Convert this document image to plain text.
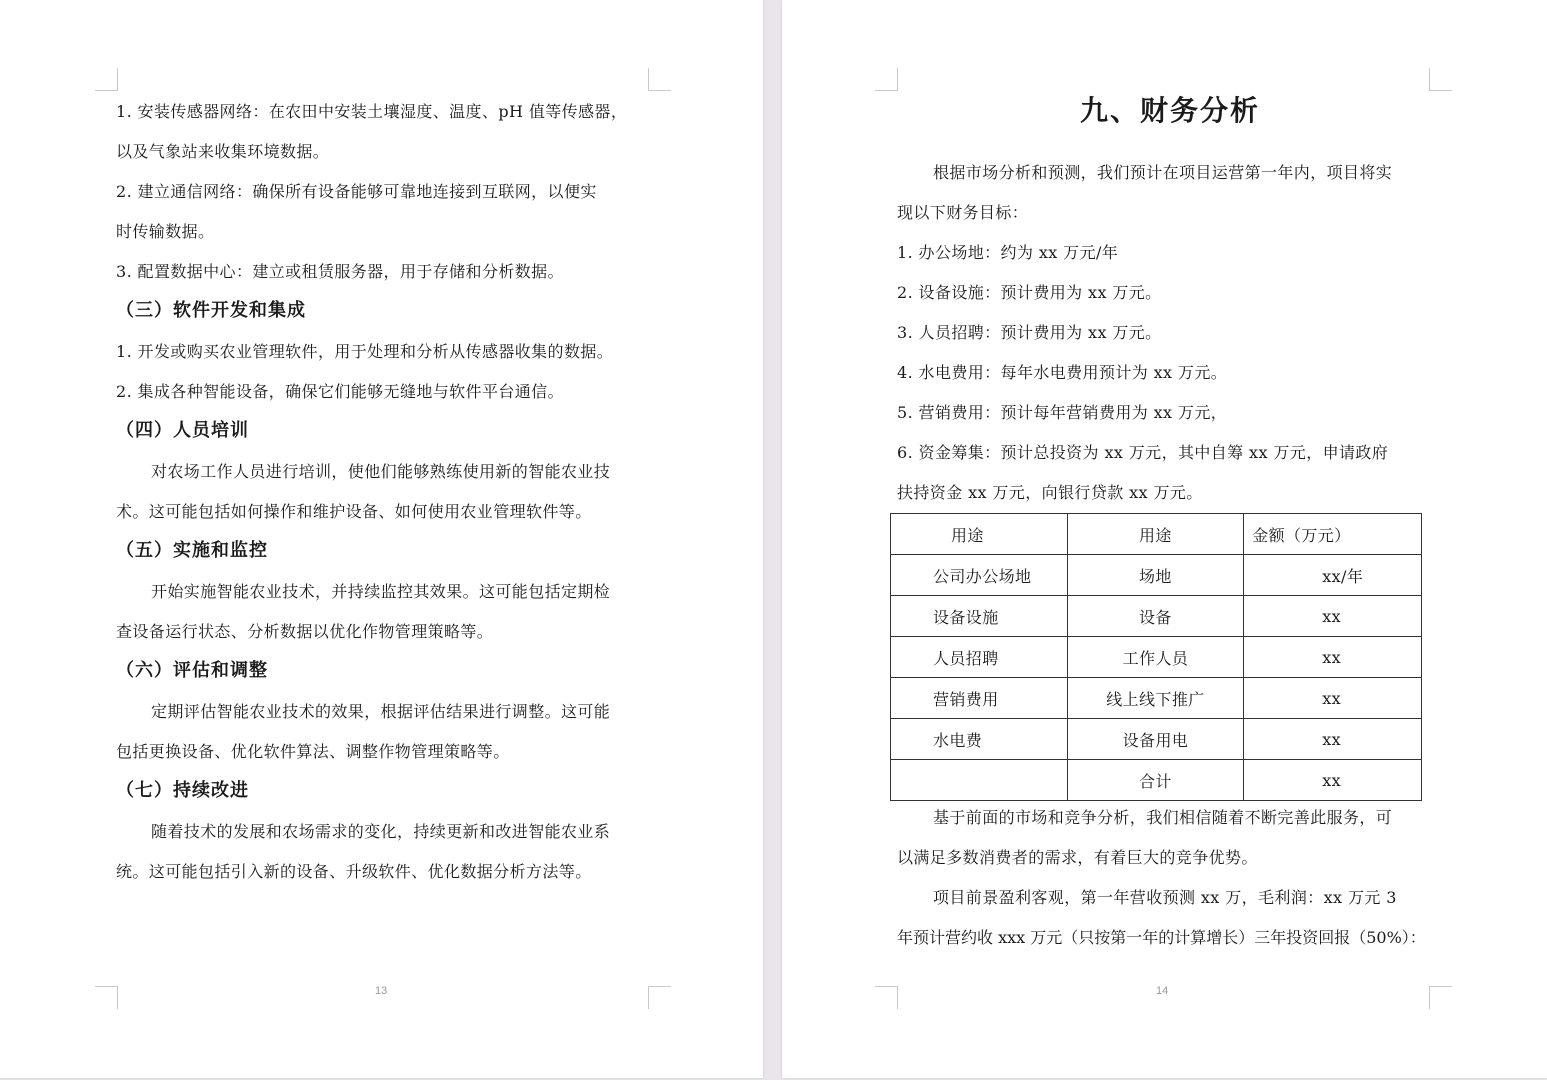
1. 安装传感器网络：在农田中安装土壤湿度、温度、pH 值等传感器，
以及气象站来收集环境数据。
2. 建立通信网络：确保所有设备能够可靠地连接到互联网，以便实
时传输数据。
3. 配置数据中心：建立或租赁服务器，用于存储和分析数据。
（三）软件开发和集成
1. 开发或购买农业管理软件，用于处理和分析从传感器收集的数据。
2. 集成各种智能设备，确保它们能够无缝地与软件平台通信。
（四）人员培训
对农场工作人员进行培训，使他们能够熟练使用新的智能农业技
术。这可能包括如何操作和维护设备、如何使用农业管理软件等。
（五）实施和监控
开始实施智能农业技术，并持续监控其效果。这可能包括定期检
查设备运行状态、分析数据以优化作物管理策略等。
（六）评估和调整
定期评估智能农业技术的效果，根据评估结果进行调整。这可能
包括更换设备、优化软件算法、调整作物管理策略等。
（七）持续改进
随着技术的发展和农场需求的变化，持续更新和改进智能农业系
统。这可能包括引入新的设备、升级软件、优化数据分析方法等。
13
九、财务分析
根据市场分析和预测，我们预计在项目运营第一年内，项目将实
现以下财务目标：
1. 办公场地：约为 xx 万元/年
2. 设备设施：预计费用为 xx 万元。
3. 人员招聘：预计费用为 xx 万元。
4. 水电费用：每年水电费用预计为 xx 万元。
5. 营销费用：预计每年营销费用为 xx 万元，
6. 资金筹集：预计总投资为 xx 万元，其中自筹 xx 万元，申请政府
扶持资金 xx 万元，向银行贷款 xx 万元。
用途	用途	金额（万元）
公司办公场地	场地	xx/年
设备设施	设备	xx
人员招聘	工作人员	xx
营销费用	线上线下推广	xx
水电费	设备用电	xx
	合计	xx
基于前面的市场和竞争分析，我们相信随着不断完善此服务，可
以满足多数消费者的需求，有着巨大的竞争优势。
项目前景盈利客观，第一年营收预测 xx 万，毛利润：xx 万元 3
年预计营约收 xxx 万元（只按第一年的计算增长）三年投资回报（50%）：
14
